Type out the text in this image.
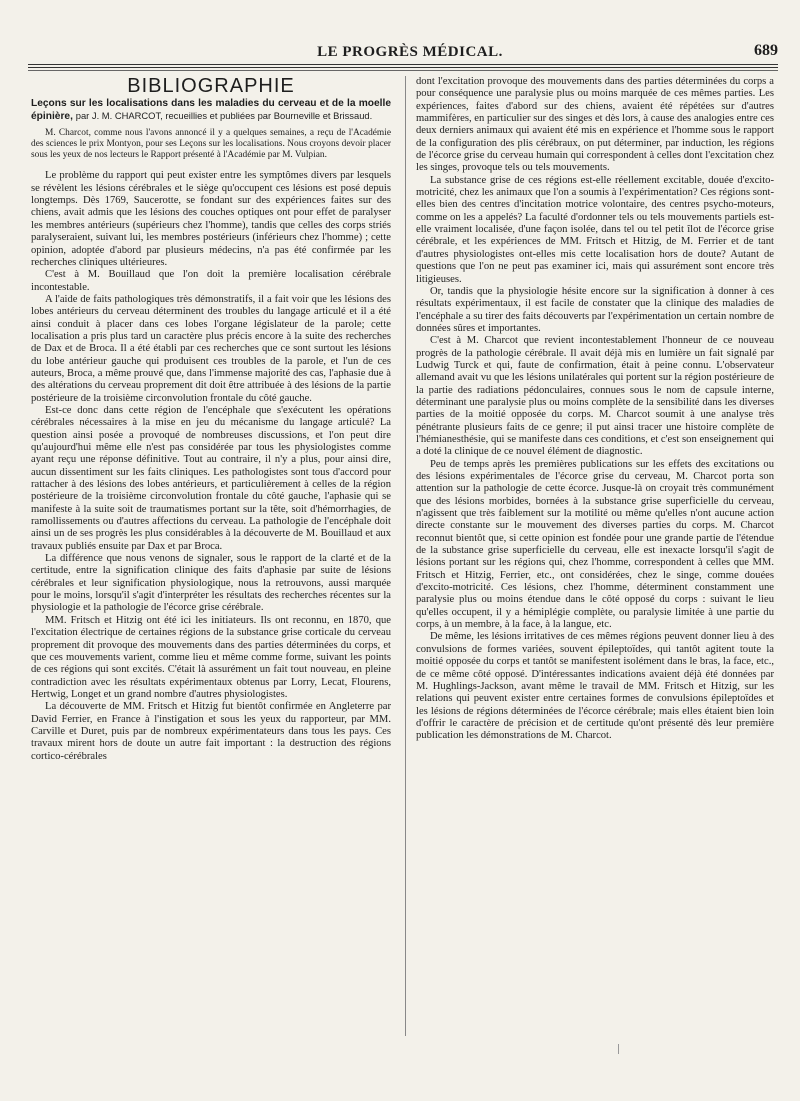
LE PROGRÈS MÉDICAL.	689
BIBLIOGRAPHIE

Leçons sur les localisations dans les maladies du cerveau et de la moelle épinière, par J. M. CHARCOT, recueillies et publiées par Bourneville et Brissaud.

M. Charcot, comme nous l'avons annoncé il y a quelques semaines, a reçu de l'Académie des sciences le prix Montyon, pour ses Leçons sur les localisations. Nous croyons devoir placer sous les yeux de nos lecteurs le Rapport présenté à l'Académie par M. Vulpian.

Le problème du rapport qui peut exister entre les symptômes divers par lesquels se révèlent les lésions cérébrales et le siège qu'occupent ces lésions est posé depuis longtemps. Dès 1769, Saucerotte, se fondant sur des expériences faites sur des chiens, avait admis que les lésions des couches optiques ont pour effet de paralyser les membres antérieurs (supérieurs chez l'homme), tandis que celles des corps striés paralyseraient, suivant lui, les membres postérieurs (inférieurs chez l'homme) ; cette opinion, adoptée d'abord par plusieurs médecins, n'a pas été confirmée par les recherches cliniques ultérieures.

C'est à M. Bouillaud que l'on doit la première localisation cérébrale incontestable.

A l'aide de faits pathologiques très démonstratifs, il a fait voir que les lésions des lobes antérieurs du cerveau déterminent des troubles du langage articulé et il a été ainsi conduit à placer dans ces lobes l'organe législateur de la parole; cette localisation a pris plus tard un caractère plus précis encore à la suite des recherches de Dax et de Broca. Il a été établi par ces recherches que ce sont surtout les lésions du lobe antérieur gauche qui produisent ces troubles de la parole, et l'un de ces auteurs, Broca, a même prouvé que, dans l'immense majorité des cas, l'aphasie due à des altérations du cerveau proprement dit doit être attribuée à des lésions de la partie postérieure de la troisième circonvolution frontale du côté gauche.

Est-ce donc dans cette région de l'encéphale que s'exécutent les opérations cérébrales nécessaires à la mise en jeu du mécanisme du langage articulé? La question ainsi posée a provoqué de nombreuses discussions, et l'on peut dire qu'aujourd'hui même elle n'est pas considérée par tous les physiologistes comme ayant reçu une réponse définitive. Tout au contraire, il n'y a plus, pour ainsi dire, aucun dissentiment sur les faits cliniques. Les pathologistes sont tous d'accord pour rattacher à des lésions des lobes antérieurs, et particulièrement à celles de la région postérieure de la troisième circonvolution frontale du côté gauche, l'aphasie qui se manifeste à la suite soit de traumatismes portant sur la tête, soit d'hémorrhagies, de ramollissements ou d'autres affections du cerveau. La pathologie de l'encéphale doit ainsi un de ses progrès les plus considérables à la découverte de M. Bouillaud et aux travaux publiés ensuite par Dax et par Broca.

La différence que nous venons de signaler, sous le rapport de la clarté et de la certitude, entre la signification clinique des faits d'aphasie par suite de lésions cérébrales et leur signification physiologique, nous la retrouvons, aussi marquée pour le moins, lorsqu'il s'agit d'interpréter les résultats des recherches récentes sur la physiologie et la pathologie de l'écorce grise cérébrale.

MM. Fritsch et Hitzig ont été ici les initiateurs. Ils ont reconnu, en 1870, que l'excitation électrique de certaines régions de la substance grise corticale du cerveau proprement dit provoque des mouvements dans des parties déterminées du corps, et que ces mouvements varient, comme lieu et même comme forme, suivant les points de ces régions qui sont excités. C'était là assurément un fait tout nouveau, en pleine contradiction avec les résultats expérimentaux obtenus par Lorry, Lecat, Flourens, Hertwig, Longet et un grand nombre d'autres physiologistes.

La découverte de MM. Fritsch et Hitzig fut bientôt confirmée en Angleterre par David Ferrier, en France à l'instigation et sous les yeux du rapporteur, par MM. Carville et Duret, puis par de nombreux expérimentateurs dans tous les pays. Ces travaux mirent hors de doute un autre fait important : la destruction des régions cortico-cérébrales

dont l'excitation provoque des mouvements dans des parties déterminées du corps a pour conséquence une paralysie plus ou moins marquée de ces mêmes parties. Les expériences, faites d'abord sur des chiens, avaient été répétées sur d'autres mammifères, en particulier sur des singes et dès lors, à cause des analogies entre ces deux derniers animaux qui avaient été mis en expérience et l'homme sous le rapport de la configuration des plis cérébraux, on put déterminer, par induction, les régions de l'écorce grise du cerveau humain qui correspondent à celles dont l'excitation chez les singes, provoque tels ou tels mouvements.

La substance grise de ces régions est-elle réellement excitable, douée d'excito-motricité, chez les animaux que l'on a soumis à l'expérimentation? Ces régions sont-elles bien des centres d'incitation motrice volontaire, des centres psycho-moteurs, comme on les a appelés? La faculté d'ordonner tels ou tels mouvements partiels est-elle vraiment localisée, d'une façon isolée, dans tel ou tel petit îlot de l'écorce grise cérébrale, et les expériences de MM. Fritsch et Hitzig, de M. Ferrier et de tant d'autres physiologistes ont-elles mis cette localisation hors de doute? Autant de questions que l'on ne peut pas examiner ici, mais qui assurément sont encore très litigieuses.

Or, tandis que la physiologie hésite encore sur la signification à donner à ces résultats expérimentaux, il est facile de constater que la clinique des maladies de l'encéphale a su tirer des faits découverts par l'expérimentation un certain nombre de données sûres et importantes.

C'est à M. Charcot que revient incontestablement l'honneur de ce nouveau progrès de la pathologie cérébrale. Il avait déjà mis en lumière un fait signalé par Ludwig Turck et qui, faute de confirmation, était à peine connu. L'observateur allemand avait vu que les lésions unilatérales qui portent sur la région postérieure de la partie des radiations pédonculaires, connues sous le nom de capsule interne, déterminant une paralysie plus ou moins complète de la sensibilité dans les diverses parties de la moitié opposée du corps. M. Charcot soumit à une analyse très pénétrante plusieurs faits de ce genre; il put ainsi tracer une histoire complète de l'hémianesthésie, qui se manifeste dans ces conditions, et c'est son enseignement qui a doté la clinique de ce nouvel élément de diagnostic.

Peu de temps après les premières publications sur les effets des excitations ou des lésions expérimentales de l'écorce grise du cerveau, M. Charcot porta son attention sur la pathologie de cette écorce. Jusque-là on croyait très communément que des lésions morbides, bornées à la substance grise superficielle du cerveau, n'agissent que très faiblement sur la motilité ou même qu'elles n'ont aucune action directe constante sur le mouvement des diverses parties du corps. M. Charcot reconnut bientôt que, si cette opinion est fondée pour une grande partie de l'étendue de la substance grise superficielle du cerveau, elle est inexacte lorsqu'il s'agit de lésions portant sur les régions qui, chez l'homme, correspondent à celles que MM. Fritsch et Hitzig, Ferrier, etc., ont considérées, chez le singe, comme douées d'excito-motricité. Ces lésions, chez l'homme, déterminent constamment une paralysie plus ou moins étendue dans le côté opposé du corps : suivant le lieu qu'elles occupent, il y a hémiplégie complète, ou paralysie limitée à une partie du corps, à un membre, à la face, à la langue, etc.

De même, les lésions irritatives de ces mêmes régions peuvent donner lieu à des convulsions de formes variées, souvent épileptoïdes, qui tantôt agitent toute la moitié opposée du corps et tantôt se manifestent isolément dans le bras, la face, etc., de ce même côté opposé. D'intéressantes indications avaient déjà été données par M. Hughlings-Jackson, avant même le travail de MM. Fritsch et Hitzig, sur les relations qui peuvent exister entre certaines formes de convulsions épileptoïdes et les lésions de régions déterminées de l'écorce cérébrale; mais elles étaient bien loin d'offrir le caractère de précision et de certitude qu'ont présenté dès leur première publication les démonstrations de M. Charcot.
